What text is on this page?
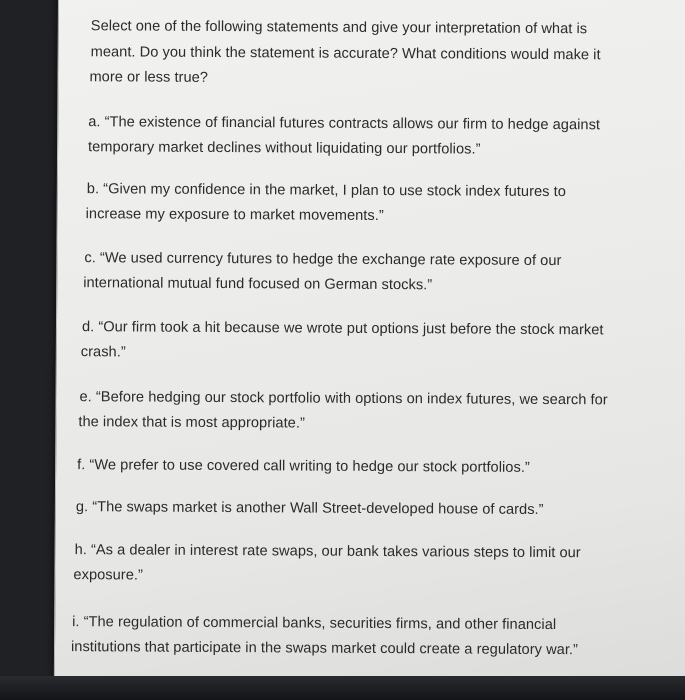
Select one of the following statements and give your interpretation of what is
meant. Do you think the statement is accurate? What conditions would make it
more or less true?
a. “The existence of financial futures contracts allows our firm to hedge against
temporary market declines without liquidating our portfolios.”
b. “Given my confidence in the market, I plan to use stock index futures to
increase my exposure to market movements.”
c. “We used currency futures to hedge the exchange rate exposure of our
international mutual fund focused on German stocks.”
d. “Our firm took a hit because we wrote put options just before the stock market
crash.”
e. “Before hedging our stock portfolio with options on index futures, we search for
the index that is most appropriate.”
f. “We prefer to use covered call writing to hedge our stock portfolios.”
g. “The swaps market is another Wall Street-developed house of cards.”
h. “As a dealer in interest rate swaps, our bank takes various steps to limit our
exposure.”
i. “The regulation of commercial banks, securities firms, and other financial
institutions that participate in the swaps market could create a regulatory war.”
